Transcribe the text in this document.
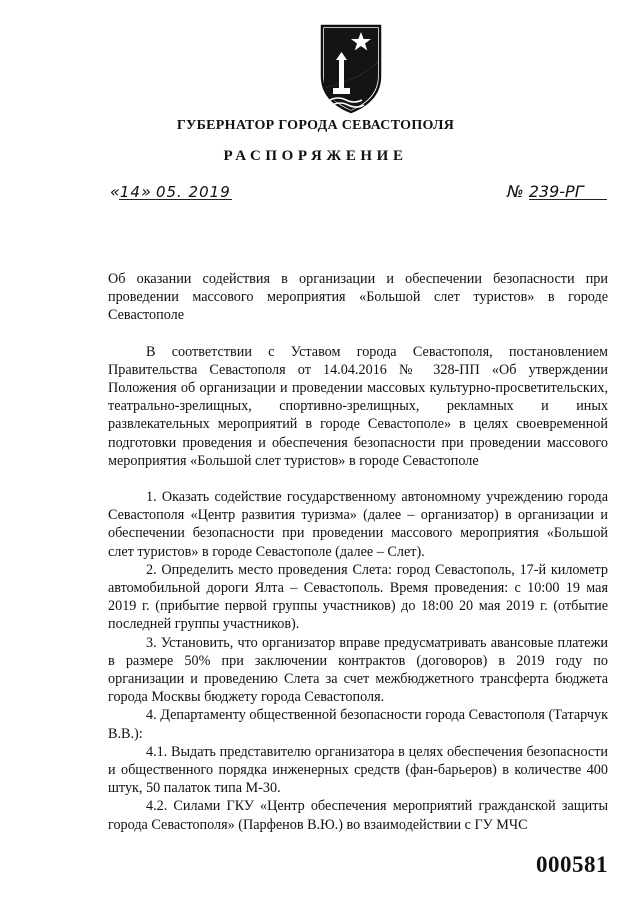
ГУБЕРНАТОР ГОРОДА СЕВАСТОПОЛЯ
РАСПОРЯЖЕНИЕ
«14» 05. 2019	№ 239-РГ

Об оказании содействия в организации и обеспечении безопасности при проведении массового мероприятия «Большой слет туристов» в городе Севастополе

В соответствии с Уставом города Севастополя, постановлением Правительства Севастополя от 14.04.2016 № 328-ПП «Об утверждении Положения об организации и проведении массовых культурно-просветительских, театрально-зрелищных, спортивно-зрелищных, рекламных и иных развлекательных мероприятий в городе Севастополе» в целях своевременной подготовки проведения и обеспечения безопасности при проведении массового мероприятия «Большой слет туристов» в городе Севастополе

1. Оказать содействие государственному автономному учреждению города Севастополя «Центр развития туризма» (далее – организатор) в организации и обеспечении безопасности при проведении массового мероприятия «Большой слет туристов» в городе Севастополе (далее – Слет).

2. Определить место проведения Слета: город Севастополь, 17-й километр автомобильной дороги Ялта – Севастополь. Время проведения: с 10:00 19 мая 2019 г. (прибытие первой группы участников) до 18:00 20 мая 2019 г. (отбытие последней группы участников).

3. Установить, что организатор вправе предусматривать авансовые платежи в размере 50% при заключении контрактов (договоров) в 2019 году по организации и проведению Слета за счет межбюджетного трансферта бюджета города Москвы бюджету города Севастополя.

4. Департаменту общественной безопасности города Севастополя (Татарчук В.В.):

4.1. Выдать представителю организатора в целях обеспечения безопасности и общественного порядка инженерных средств (фан-барьеров) в количестве 400 штук, 50 палаток типа М-30.

4.2. Силами ГКУ «Центр обеспечения мероприятий гражданской защиты города Севастополя» (Парфенов В.Ю.) во взаимодействии с ГУ МЧС

000581
